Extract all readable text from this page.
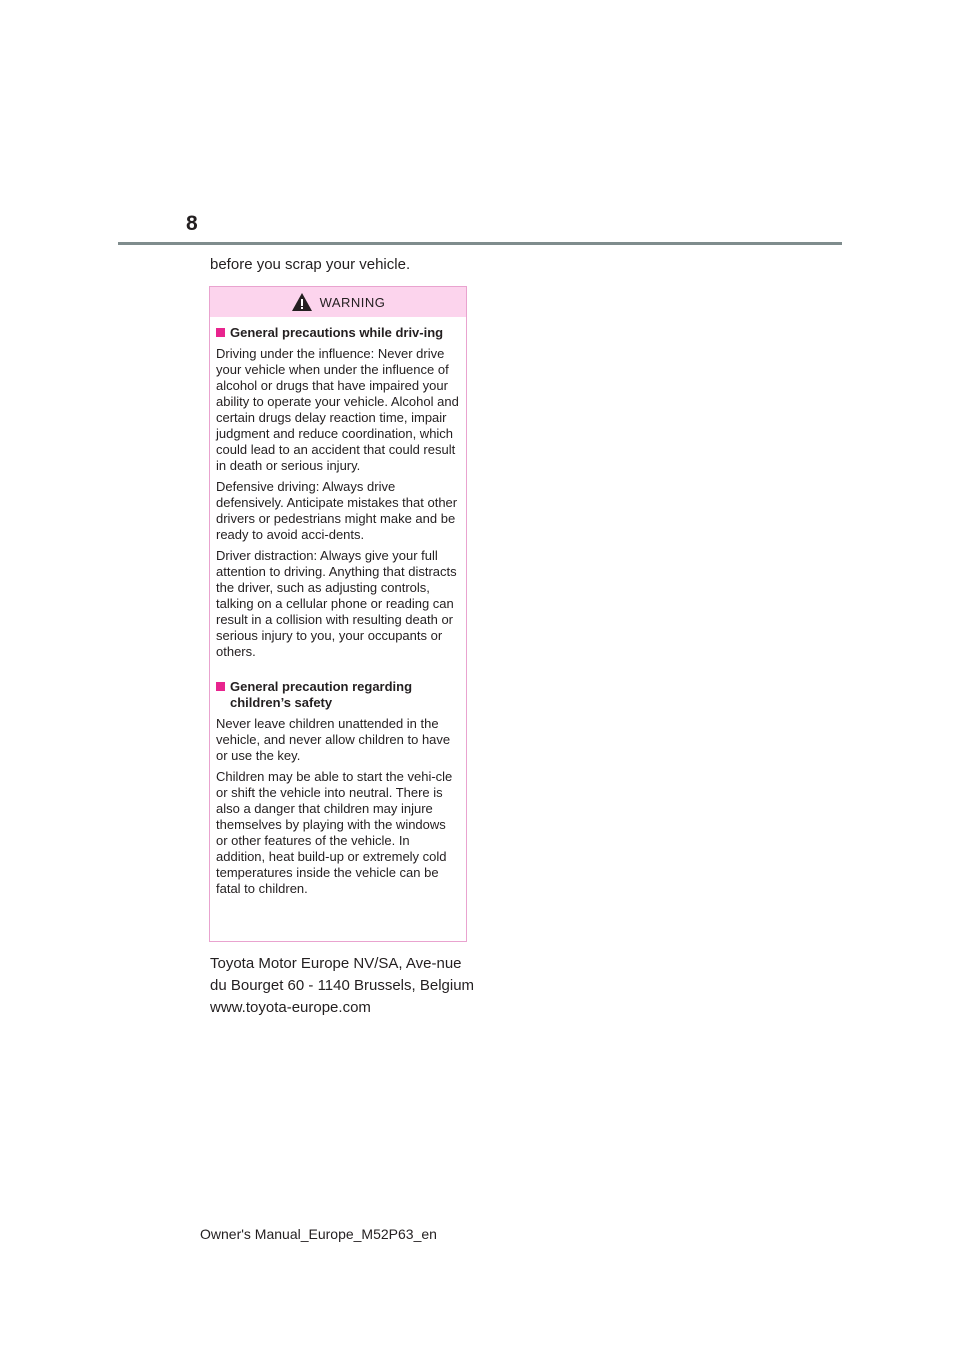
8
before you scrap your vehicle.
WARNING
General precautions while driv-ing

Driving under the influence: Never drive your vehicle when under the influence of alcohol or drugs that have impaired your ability to operate your vehicle. Alcohol and certain drugs delay reaction time, impair judgment and reduce coordination, which could lead to an accident that could result in death or serious injury.

Defensive driving: Always drive defensively. Anticipate mistakes that other drivers or pedestrians might make and be ready to avoid acci-dents.

Driver distraction: Always give your full attention to driving. Anything that distracts the driver, such as adjusting controls, talking on a cellular phone or reading can result in a collision with resulting death or serious injury to you, your occupants or others.

General precaution regarding children’s safety

Never leave children unattended in the vehicle, and never allow children to have or use the key.

Children may be able to start the vehi-cle or shift the vehicle into neutral. There is also a danger that children may injure themselves by playing with the windows or other features of the vehicle. In addition, heat build-up or extremely cold temperatures inside the vehicle can be fatal to children.

Toyota Motor Europe NV/SA, Ave-nue du Bourget 60 - 1140 Brussels, Belgium www.toyota-europe.com
Owner's Manual_Europe_M52P63_en
